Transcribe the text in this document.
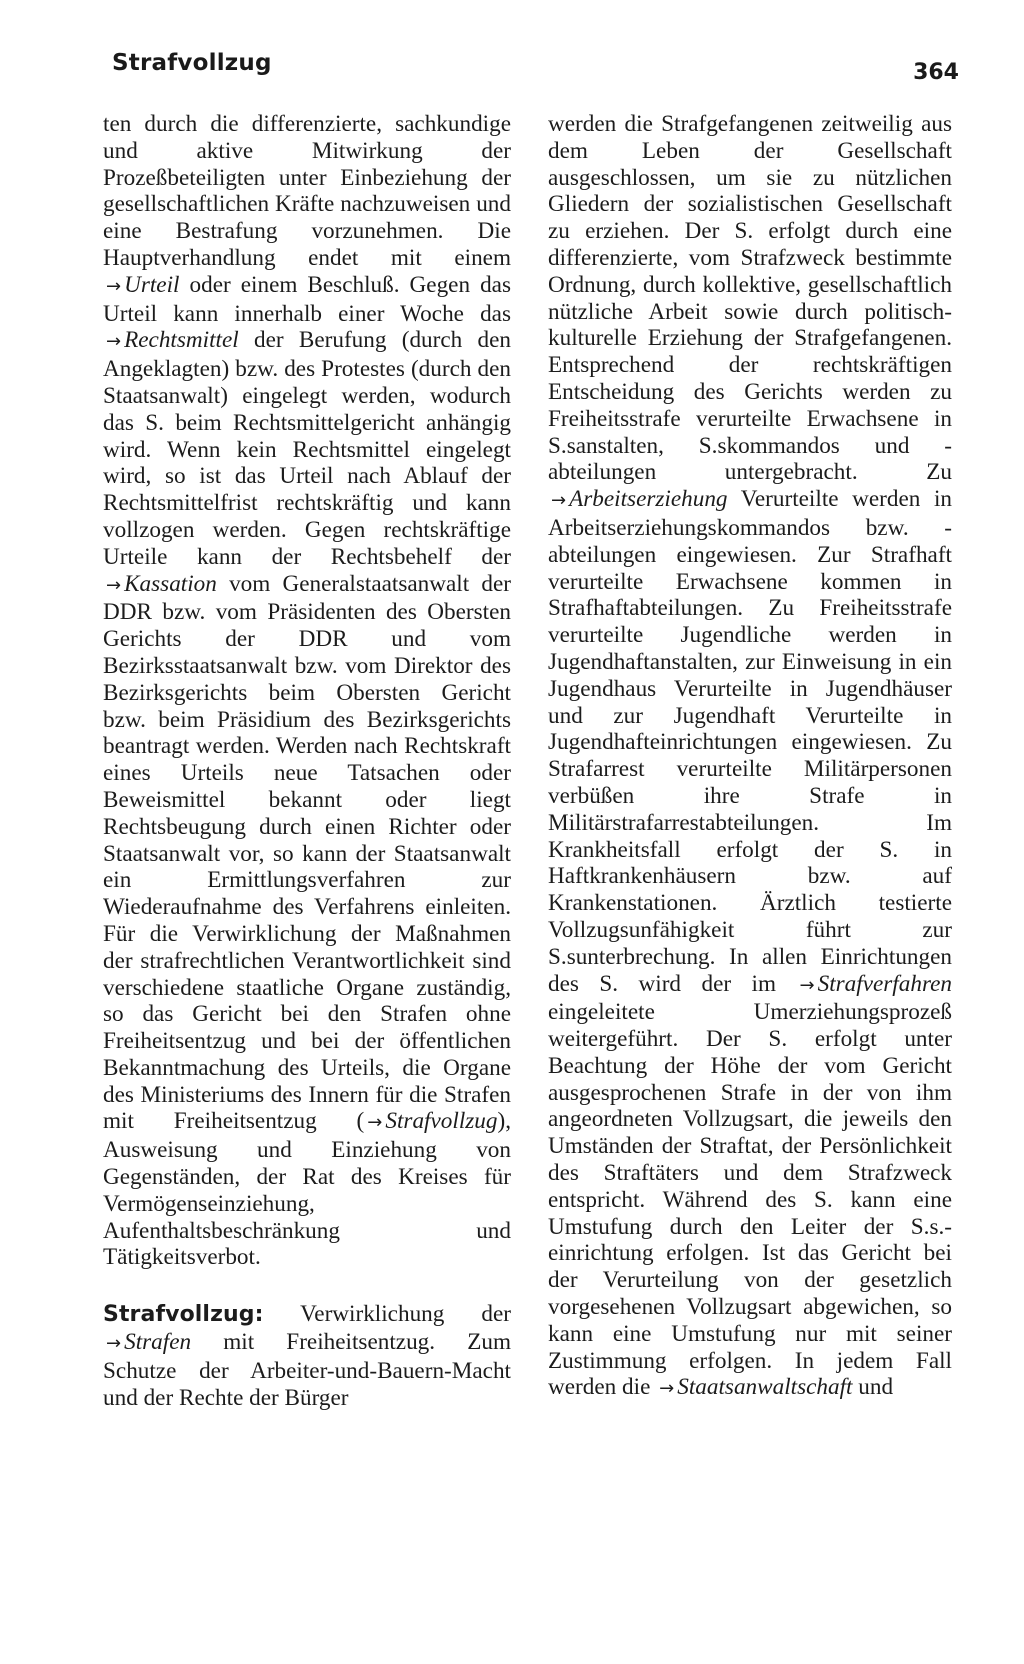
Strafvollzug	364

ten durch die differenzierte, sachkundige und aktive Mitwirkung der Prozeßbeteiligten unter Einbeziehung der gesellschaftlichen Kräfte nachzuweisen und eine Bestrafung vorzunehmen. Die Hauptverhandlung endet mit einem → Urteil oder einem Beschluß. Gegen das Urteil kann innerhalb einer Woche das → Rechtsmittel der Berufung (durch den Angeklagten) bzw. des Protestes (durch den Staatsanwalt) eingelegt werden, wodurch das S. beim Rechtsmittelgericht anhängig wird. Wenn kein Rechtsmittel eingelegt wird, so ist das Urteil nach Ablauf der Rechtsmittelfrist rechtskräftig und kann vollzogen werden. Gegen rechtskräftige Urteile kann der Rechtsbehelf der → Kassation vom Generalstaatsanwalt der DDR bzw. vom Präsidenten des Obersten Gerichts der DDR und vom Bezirksstaatsanwalt bzw. vom Direktor des Bezirksgerichts beim Obersten Gericht bzw. beim Präsidium des Bezirksgerichts beantragt werden. Werden nach Rechtskraft eines Urteils neue Tatsachen oder Beweismittel bekannt oder liegt Rechtsbeugung durch einen Richter oder Staatsanwalt vor, so kann der Staatsanwalt ein Ermittlungsverfahren zur Wiederaufnahme des Verfahrens einleiten. Für die Verwirklichung der Maßnahmen der strafrechtlichen Verantwortlichkeit sind verschiedene staatliche Organe zuständig, so das Gericht bei den Strafen ohne Freiheitsentzug und bei der öffentlichen Bekanntmachung des Urteils, die Organe des Ministeriums des Innern für die Strafen mit Freiheitsentzug ( → Strafvollzug), Ausweisung und Einziehung von Gegenständen, der Rat des Kreises für Vermögenseinziehung, Aufenthaltsbeschränkung und Tätigkeitsverbot.

Strafvollzug: Verwirklichung der → Strafen mit Freiheitsentzug. Zum Schutze der Arbeiter-und-Bauern-Macht und der Rechte der Bürger

werden die Strafgefangenen zeitweilig aus dem Leben der Gesellschaft ausgeschlossen, um sie zu nützlichen Gliedern der sozialistischen Gesellschaft zu erziehen. Der S. erfolgt durch eine differenzierte, vom Strafzweck bestimmte Ordnung, durch kollektive, gesellschaftlich nützliche Arbeit sowie durch politisch-kulturelle Erziehung der Strafgefangenen. Entsprechend der rechtskräftigen Entscheidung des Gerichts werden zu Freiheitsstrafe verurteilte Erwachsene in S.sanstalten, S.skommandos und -abteilungen untergebracht. Zu → Arbeitserziehung Verurteilte werden in Arbeitserziehungskommandos bzw. -abteilungen eingewiesen. Zur Strafhaft verurteilte Erwachsene kommen in Strafhaftabteilungen. Zu Freiheitsstrafe verurteilte Jugendliche werden in Jugendhaftanstalten, zur Einweisung in ein Jugendhaus Verurteilte in Jugendhäuser und zur Jugendhaft Verurteilte in Jugendhafteinrichtungen eingewiesen. Zu Strafarrest verurteilte Militärpersonen verbüßen ihre Strafe in Militärstrafarrestabteilungen. Im Krankheitsfall erfolgt der S. in Haftkrankenhäusern bzw. auf Krankenstationen. Ärztlich testierte Vollzugsunfähigkeit führt zur S.sunterbrechung. In allen Einrichtungen des S. wird der im → Strafverfahren eingeleitete Umerziehungsprozeß weitergeführt. Der S. erfolgt unter Beachtung der Höhe der vom Gericht ausgesprochenen Strafe in der von ihm angeordneten Vollzugsart, die jeweils den Umständen der Straftat, der Persönlichkeit des Straftäters und dem Strafzweck entspricht. Während des S. kann eine Umstufung durch den Leiter der S.s.-einrichtung erfolgen. Ist das Gericht bei der Verurteilung von der gesetzlich vorgesehenen Vollzugsart abgewichen, so kann eine Umstufung nur mit seiner Zustimmung erfolgen. In jedem Fall werden die → Staatsanwaltschaft und
